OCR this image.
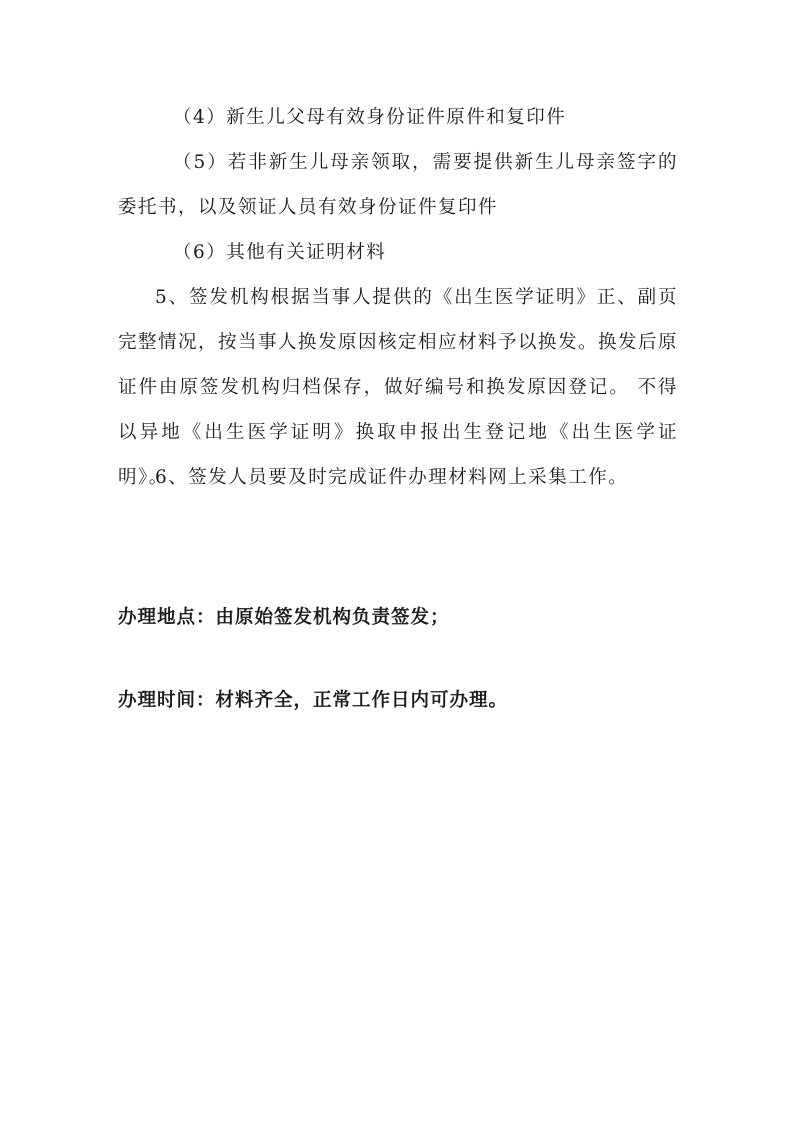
（4）新生儿父母有效身份证件原件和复印件

（5）若非新生儿母亲领取，需要提供新生儿母亲签字的委托书，以及领证人员有效身份证件复印件

（6）其他有关证明材料

5、签发机构根据当事人提供的《出生医学证明》正、副页完整情况，按当事人换发原因核定相应材料予以换发。换发后原证件由原签发机构归档保存，做好编号和换发原因登记。 不得以异地《出生医学证明》换取申报出生登记地《出生医学证明》。

6、签发人员要及时完成证件办理材料网上采集工作。

办理地点：由原始签发机构负责签发；

办理时间：材料齐全，正常工作日内可办理。
